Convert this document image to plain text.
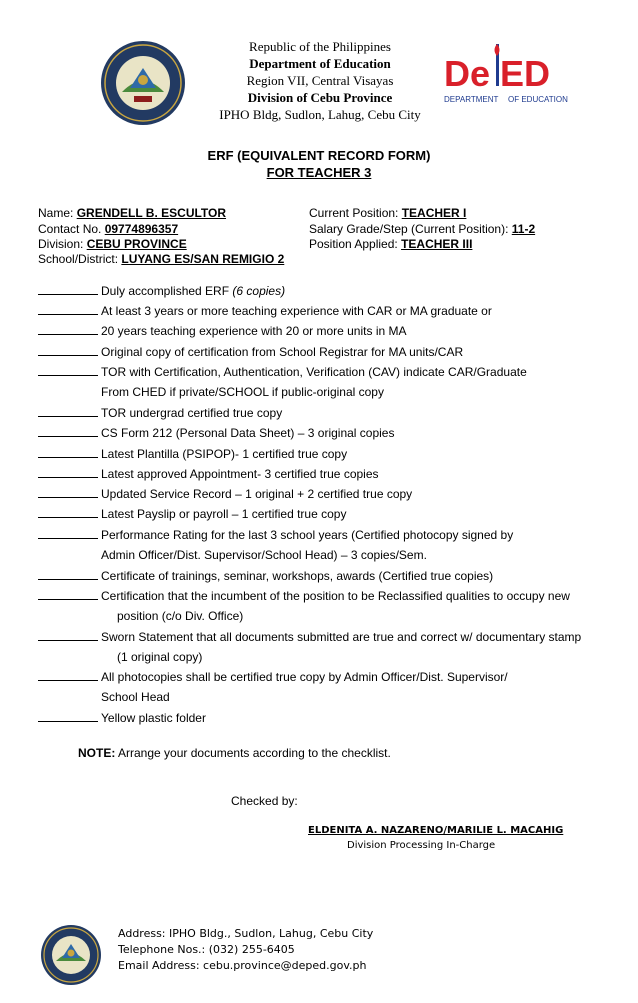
Republic of the Philippines
Department of Education
Region VII, Central Visayas
Division of Cebu Province
IPHO Bldg, Sudlon, Lahug, Cebu City
De ED
DEPARTMENT OF EDUCATION
ERF (EQUIVALENT RECORD FORM)
FOR TEACHER 3
Name: GRENDELL B. ESCULTOR
Contact No. 09774896357
Division: CEBU PROVINCE
School/District: LUYANG ES/SAN REMIGIO 2
Current Position: TEACHER I
Salary Grade/Step (Current Position): 11-2
Position Applied: TEACHER III
Duly accomplished ERF (6 copies)
At least 3 years or more teaching experience with CAR or MA graduate or
20 years teaching experience with 20 or more units in MA
Original copy of certification from School Registrar for MA units/CAR
TOR with Certification, Authentication, Verification (CAV) indicate CAR/Graduate
From CHED if private/SCHOOL if public-original copy
TOR undergrad certified true copy
CS Form 212 (Personal Data Sheet) – 3 original copies
Latest Plantilla (PSIPOP)- 1 certified true copy
Latest approved Appointment- 3 certified true copies
Updated Service Record – 1 original + 2 certified true copy
Latest Payslip or payroll – 1 certified true copy
Performance Rating for the last 3 school years (Certified photocopy signed by
Admin Officer/Dist. Supervisor/School Head) – 3 copies/Sem.
Certificate of trainings, seminar, workshops, awards (Certified true copies)
Certification that the incumbent of the position to be Reclassified qualities to occupy new
position (c/o Div. Office)
Sworn Statement that all documents submitted are true and correct w/ documentary stamp
(1 original copy)
All photocopies shall be certified true copy by Admin Officer/Dist. Supervisor/
School Head
Yellow plastic folder
NOTE: Arrange your documents according to the checklist.
Checked by:
ELDENITA A. NAZARENO/MARILIE L. MACAHIG
Division Processing In-Charge
Address: IPHO Bldg., Sudlon, Lahug, Cebu City
Telephone Nos.: (032) 255-6405
Email Address: cebu.province@deped.gov.ph
